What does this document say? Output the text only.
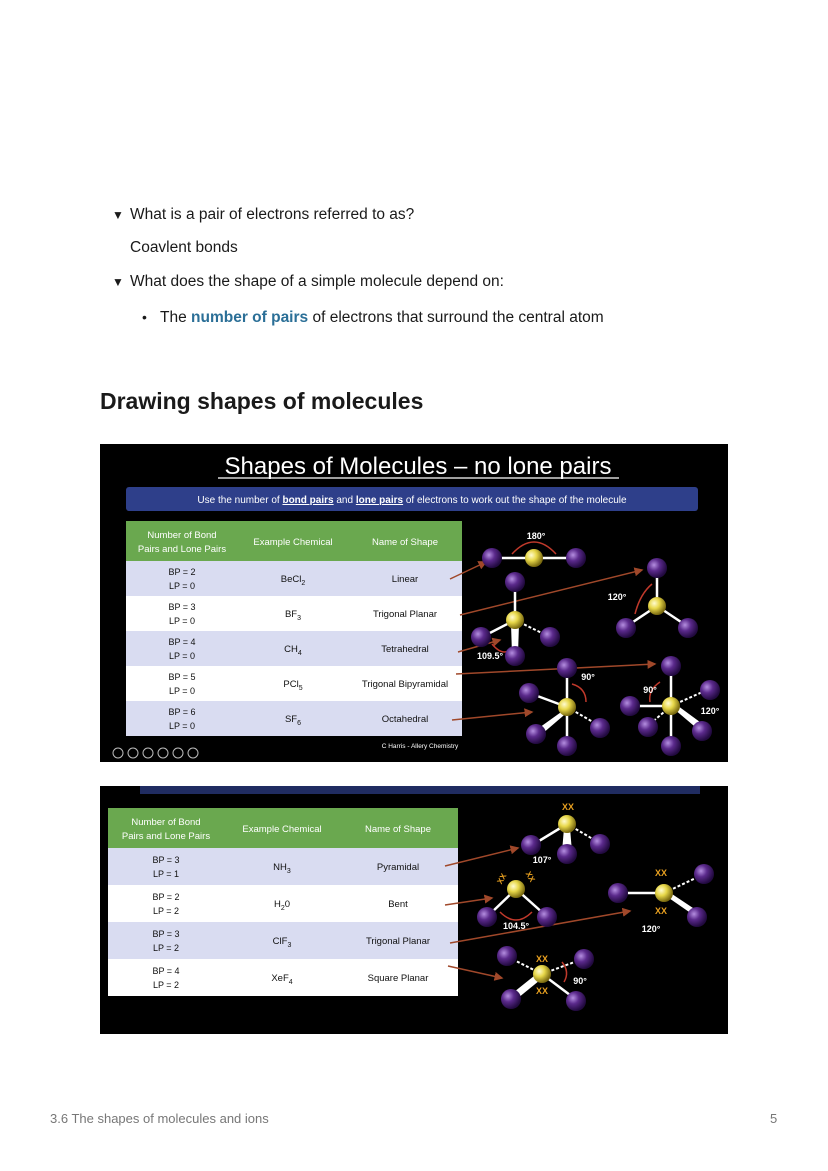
▼ What is a pair of electrons referred to as?
Coavlent bonds
▼ What does the shape of a simple molecule depend on:
• The number of pairs of electrons that surround the central atom
Drawing shapes of molecules
Shapes of Molecules – no lone pairs
Use the number of bond pairs and lone pairs of electrons to work out the shape of the molecule
Number of Bond
Pairs and Lone Pairs
Example Chemical	Name of Shape
BP = 2
LP = 0
BeCl$_2$	Linear
BP = 3
LP = 0
$BF_3$	Trigonal Planar
BP = 4
LP = 0
$CH_4$	Tetrahedral
BP = 5
LP = 0
PCl$_5$	Trigonal Bipyramidal
BP = 6
LP = 0
$SF_6$	Octahedral
180°
120°
109.5°
90°
90°
120°
C Harris - Allery Chemistry
Number of Bond
Pairs and Lone Pairs
Example Chemical	Name of Shape
BP = 3
LP = 1
$NH_3$	Pyramidal
BP = 2
LP = 2
$H_20$	Bent
BP = 3
LP = 2
ClF$_3$	Trigonal Planar
BP = 4
LP = 2
XeF$_4$	Square Planar
XX
107°
XX XX
104.5°
XX
XX
120°
XX
XX
90°
3.6 The shapes of molecules and ions	5
